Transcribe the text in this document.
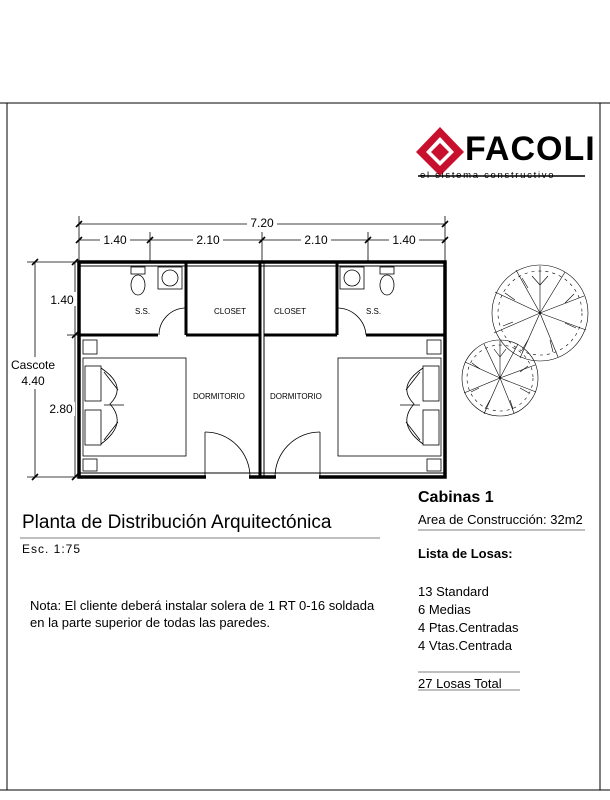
7.20
1.40	2.10	2.10	1.40
1.40
2.80
Cascote
4.40
S.S.	CLOSET	CLOSET	S.S.
DORMITORIO	DORMITORIO
FACOLI
el sistema constructivo
Planta de Distribución Arquitectónica
Esc. 1:75
Nota: El cliente deberá instalar solera de 1 RT 0-16 soldada en la parte superior de todas las paredes.
Cabinas 1
Area de Construcción: 32m2
Lista de Losas:
13 Standard
6 Medias
4 Ptas.Centradas
4 Vtas.Centrada
27 Losas Total
